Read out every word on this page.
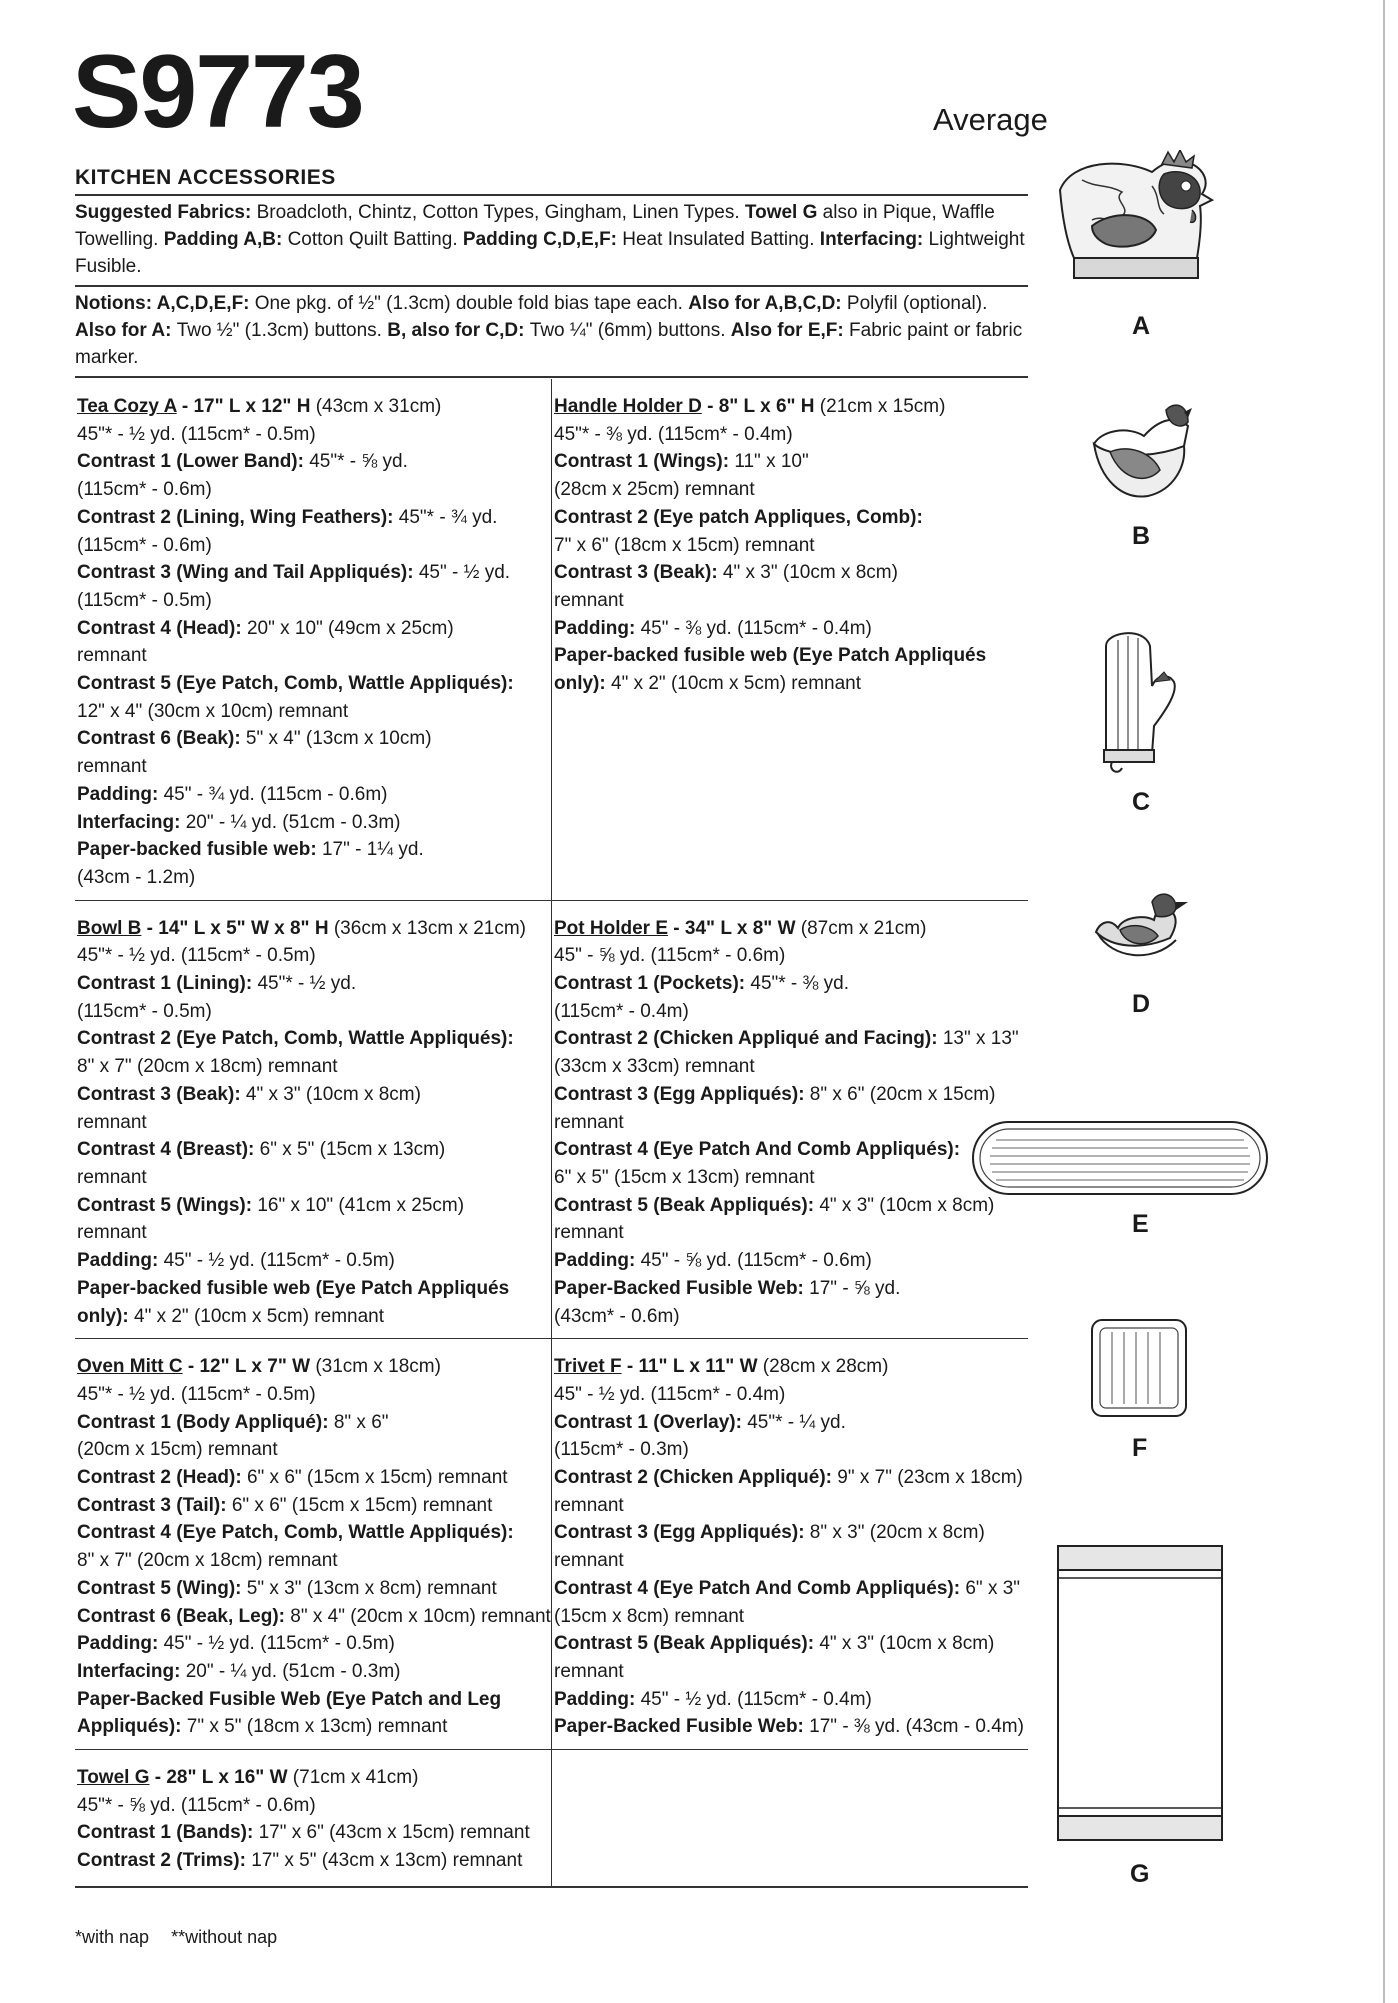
S9773	Average
KITCHEN ACCESSORIES

Suggested Fabrics: Broadcloth, Chintz, Cotton Types, Gingham, Linen Types. Towel G also in Pique, Waffle Towelling. Padding A,B: Cotton Quilt Batting. Padding C,D,E,F: Heat Insulated Batting. Interfacing: Lightweight Fusible.

Notions: A,C,D,E,F: One pkg. of ½" (1.3cm) double fold bias tape each. Also for A,B,C,D: Polyfil (optional). Also for A: Two ½" (1.3cm) buttons. B, also for C,D: Two ¼" (6mm) buttons. Also for E,F: Fabric paint or fabric marker.

Tea Cozy A - 17" L x 12" H (43cm x 31cm)
45"* - ½ yd. (115cm* - 0.5m)
Contrast 1 (Lower Band): 45"* - ⅝ yd.
(115cm* - 0.6m)
Contrast 2 (Lining, Wing Feathers): 45"* - ¾ yd.
(115cm* - 0.6m)
Contrast 3 (Wing and Tail Appliqués): 45" - ½ yd.
(115cm* - 0.5m)
Contrast 4 (Head): 20" x 10" (49cm x 25cm)
remnant
Contrast 5 (Eye Patch, Comb, Wattle Appliqués):
12" x 4" (30cm x 10cm) remnant
Contrast 6 (Beak): 5" x 4" (13cm x 10cm)
remnant
Padding: 45" - ¾ yd. (115cm - 0.6m)
Interfacing: 20" - ¼ yd. (51cm - 0.3m)
Paper-backed fusible web: 17" - 1¼ yd.
(43cm - 1.2m)
Handle Holder D - 8" L x 6" H (21cm x 15cm)
45"* - ⅜ yd. (115cm* - 0.4m)
Contrast 1 (Wings): 11" x 10"
(28cm x 25cm) remnant
Contrast 2 (Eye patch Appliques, Comb):
7" x 6" (18cm x 15cm) remnant
Contrast 3 (Beak): 4" x 3" (10cm x 8cm)
remnant
Padding: 45" - ⅜ yd. (115cm* - 0.4m)
Paper-backed fusible web (Eye Patch Appliqués
only): 4" x 2" (10cm x 5cm) remnant
Bowl B - 14" L x 5" W x 8" H (36cm x 13cm x 21cm)
45"* - ½ yd. (115cm* - 0.5m)
Contrast 1 (Lining): 45"* - ½ yd.
(115cm* - 0.5m)
Contrast 2 (Eye Patch, Comb, Wattle Appliqués):
8" x 7" (20cm x 18cm) remnant
Contrast 3 (Beak): 4" x 3" (10cm x 8cm)
remnant
Contrast 4 (Breast): 6" x 5" (15cm x 13cm)
remnant
Contrast 5 (Wings): 16" x 10" (41cm x 25cm)
remnant
Padding: 45" - ½ yd. (115cm* - 0.5m)
Paper-backed fusible web (Eye Patch Appliqués
only): 4" x 2" (10cm x 5cm) remnant
Pot Holder E - 34" L x 8" W (87cm x 21cm)
45" - ⅝ yd. (115cm* - 0.6m)
Contrast 1 (Pockets): 45"* - ⅜ yd.
(115cm* - 0.4m)
Contrast 2 (Chicken Appliqué and Facing): 13" x 13"
(33cm x 33cm) remnant
Contrast 3 (Egg Appliqués): 8" x 6" (20cm x 15cm)
remnant
Contrast 4 (Eye Patch And Comb Appliqués):
6" x 5" (15cm x 13cm) remnant
Contrast 5 (Beak Appliqués): 4" x 3" (10cm x 8cm)
remnant
Padding: 45" - ⅝ yd. (115cm* - 0.6m)
Paper-Backed Fusible Web: 17" - ⅝ yd.
(43cm* - 0.6m)
Oven Mitt C - 12" L x 7" W (31cm x 18cm)
45"* - ½ yd. (115cm* - 0.5m)
Contrast 1 (Body Appliqué): 8" x 6"
(20cm x 15cm) remnant
Contrast 2 (Head): 6" x 6" (15cm x 15cm) remnant
Contrast 3 (Tail): 6" x 6" (15cm x 15cm) remnant
Contrast 4 (Eye Patch, Comb, Wattle Appliqués):
8" x 7" (20cm x 18cm) remnant
Contrast 5 (Wing): 5" x 3" (13cm x 8cm) remnant
Contrast 6 (Beak, Leg): 8" x 4" (20cm x 10cm) remnant
Padding: 45" - ½ yd. (115cm* - 0.5m)
Interfacing: 20" - ¼ yd. (51cm - 0.3m)
Paper-Backed Fusible Web (Eye Patch and Leg
Appliqués): 7" x 5" (18cm x 13cm) remnant
Trivet F - 11" L x 11" W (28cm x 28cm)
45" - ½ yd. (115cm* - 0.4m)
Contrast 1 (Overlay): 45"* - ¼ yd.
(115cm* - 0.3m)
Contrast 2 (Chicken Appliqué): 9" x 7" (23cm x 18cm)
remnant
Contrast 3 (Egg Appliqués): 8" x 3" (20cm x 8cm)
remnant
Contrast 4 (Eye Patch And Comb Appliqués): 6" x 3"
(15cm x 8cm) remnant
Contrast 5 (Beak Appliqués): 4" x 3" (10cm x 8cm)
remnant
Padding: 45" - ½ yd. (115cm* - 0.4m)
Paper-Backed Fusible Web: 17" - ⅜ yd. (43cm - 0.4m)
Towel G - 28" L x 16" W (71cm x 41cm)
45"* - ⅝ yd. (115cm* - 0.6m)
Contrast 1 (Bands): 17" x 6" (43cm x 15cm) remnant
Contrast 2 (Trims): 17" x 5" (43cm x 13cm) remnant
*with nap **without nap
A
B
C
D
E
F
G
